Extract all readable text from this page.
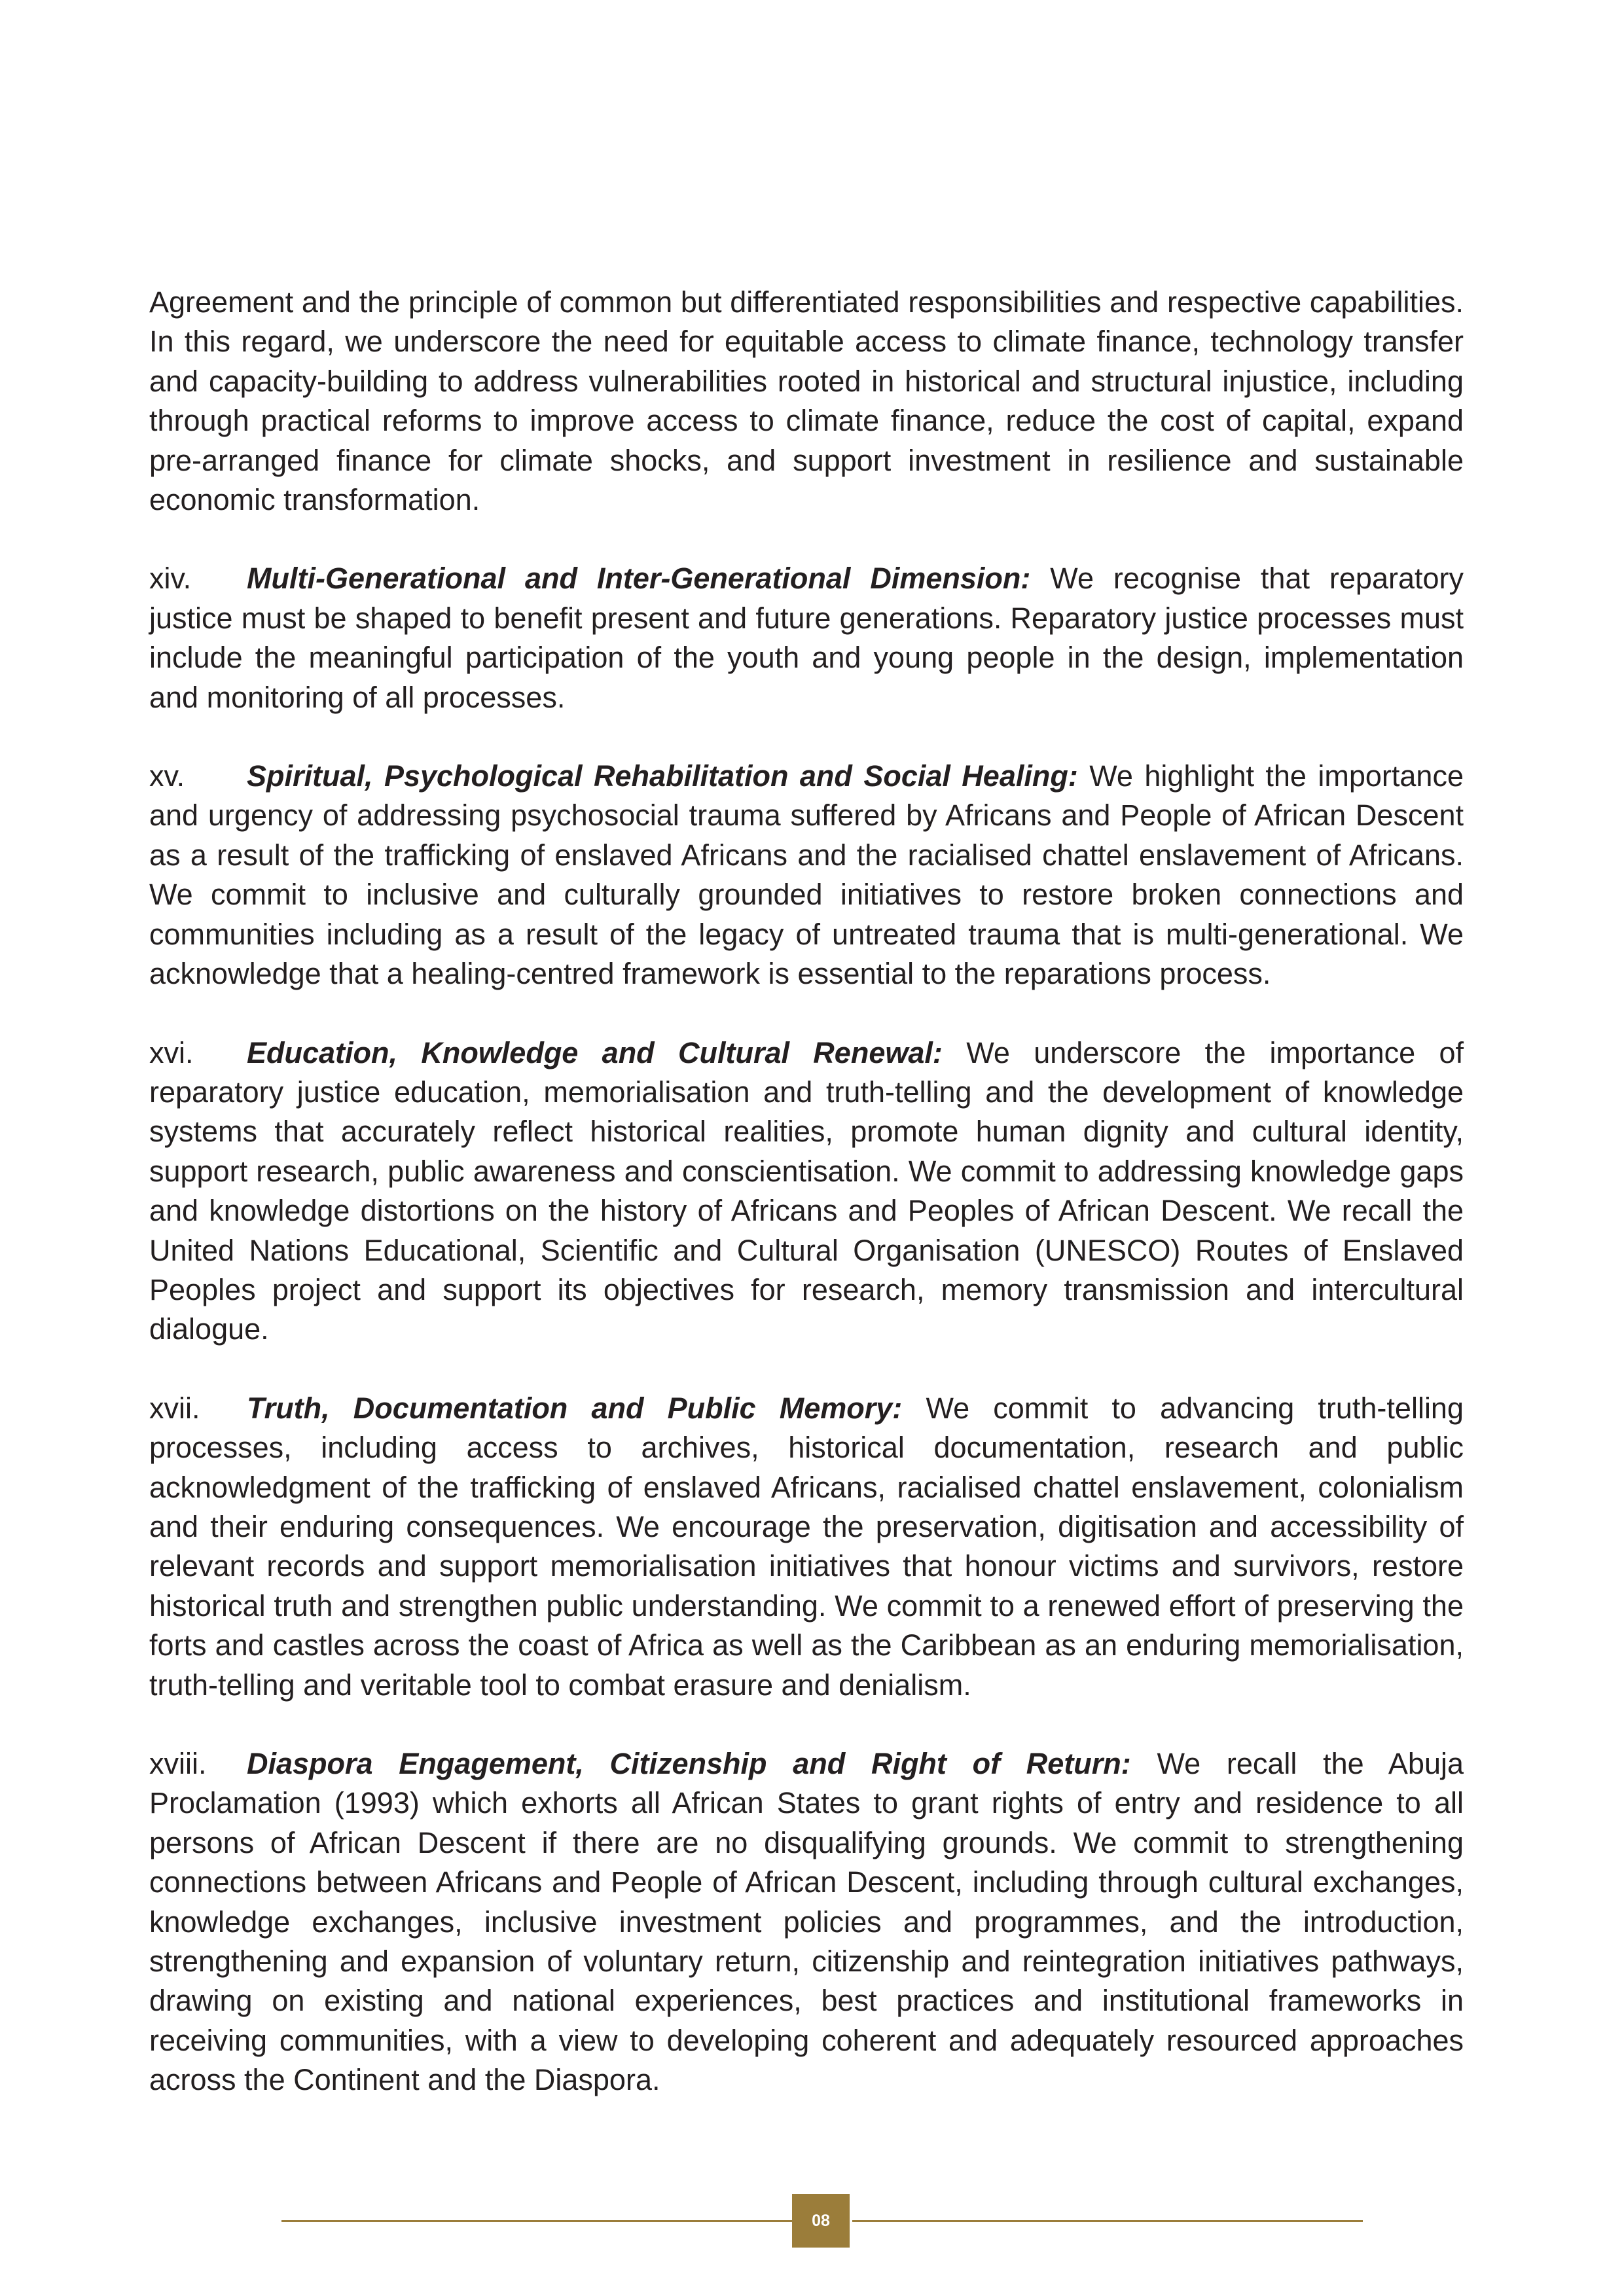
Agreement and the principle of common but differentiated responsibilities and respective capabilities. In this regard, we underscore the need for equitable access to climate finance, technology transfer and capacity-building to address vulnerabilities rooted in historical and structural injustice, including through practical reforms to improve access to climate finance, reduce the cost of capital, expand pre-arranged finance for climate shocks, and support investment in resilience and sustainable economic transformation.

xiv. Multi-Generational and Inter-Generational Dimension: We recognise that reparatory justice must be shaped to benefit present and future generations. Reparatory justice processes must include the meaningful participation of the youth and young people in the design, implementation and monitoring of all processes.

xv. Spiritual, Psychological Rehabilitation and Social Healing: We highlight the importance and urgency of addressing psychosocial trauma suffered by Africans and People of African Descent as a result of the trafficking of enslaved Africans and the racialised chattel enslavement of Africans. We commit to inclusive and culturally grounded initiatives to restore broken connections and communities including as a result of the legacy of untreated trauma that is multi-generational. We acknowledge that a healing-centred framework is essential to the reparations process.

xvi. Education, Knowledge and Cultural Renewal: We underscore the importance of reparatory justice education, memorialisation and truth-telling and the development of knowledge systems that accurately reflect historical realities, promote human dignity and cultural identity, support research, public awareness and conscientisation. We commit to addressing knowledge gaps and knowledge distortions on the history of Africans and Peoples of African Descent. We recall the United Nations Educational, Scientific and Cultural Organisation (UNESCO) Routes of Enslaved Peoples project and support its objectives for research, memory transmission and intercultural dialogue.

xvii. Truth, Documentation and Public Memory: We commit to advancing truth-telling processes, including access to archives, historical documentation, research and public acknowledgment of the trafficking of enslaved Africans, racialised chattel enslavement, colonialism and their enduring consequences. We encourage the preservation, digitisation and accessibility of relevant records and support memorialisation initiatives that honour victims and survivors, restore historical truth and strengthen public understanding. We commit to a renewed effort of preserving the forts and castles across the coast of Africa as well as the Caribbean as an enduring memorialisation, truth-telling and veritable tool to combat erasure and denialism.

xviii. Diaspora Engagement, Citizenship and Right of Return: We recall the Abuja Proclamation (1993) which exhorts all African States to grant rights of entry and residence to all persons of African Descent if there are no disqualifying grounds. We commit to strengthening connections between Africans and People of African Descent, including through cultural exchanges, knowledge exchanges, inclusive investment policies and programmes, and the introduction, strengthening and expansion of voluntary return, citizenship and reintegration initiatives pathways, drawing on existing and national experiences, best practices and institutional frameworks in receiving communities, with a view to developing coherent and adequately resourced approaches across the Continent and the Diaspora.

08
